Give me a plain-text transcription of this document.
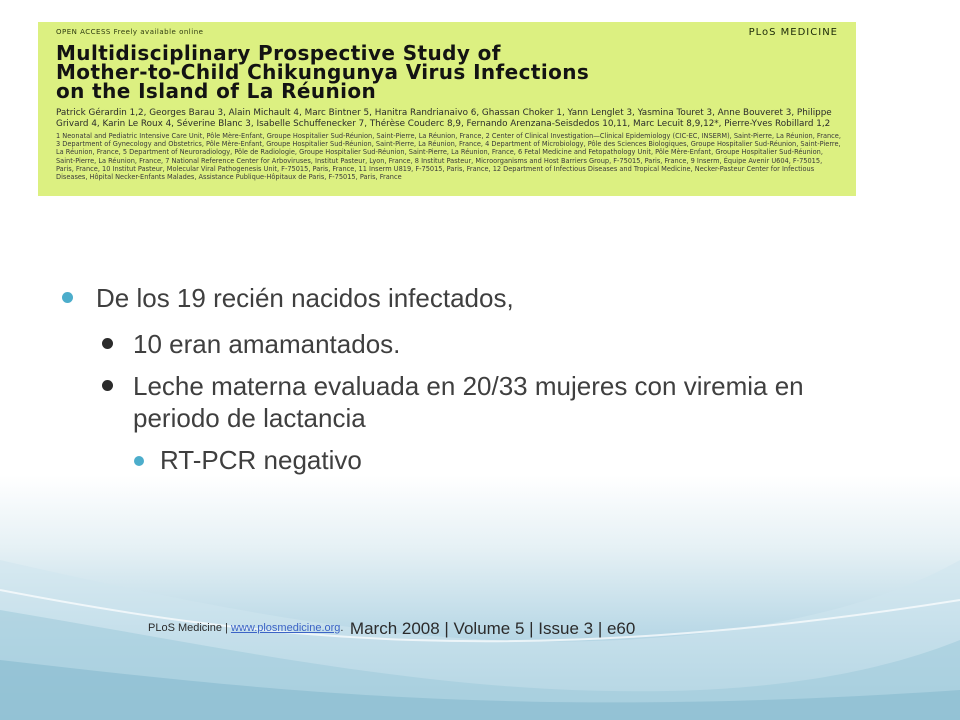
OPEN ACCESS Freely available online	PLoS MEDICINE
Multidisciplinary Prospective Study of
Mother-to-Child Chikungunya Virus Infections
on the Island of La Réunion
Patrick Gérardin 1,2, Georges Barau 3, Alain Michault 4, Marc Bintner 5, Hanitra Randrianaivo 6, Ghassan Choker 1, Yann Lenglet 3, Yasmina Touret 3, Anne Bouveret 3, Philippe Grivard 4, Karin Le Roux 4, Séverine Blanc 3, Isabelle Schuffenecker 7, Thérèse Couderc 8,9, Fernando Arenzana-Seisdedos 10,11, Marc Lecuit 8,9,12*, Pierre-Yves Robillard 1,2
1 Neonatal and Pediatric Intensive Care Unit, Pôle Mère-Enfant, Groupe Hospitalier Sud-Réunion, Saint-Pierre, La Réunion, France, 2 Center of Clinical Investigation—Clinical Epidemiology (CIC-EC, INSERM), Saint-Pierre, La Réunion, France, 3 Department of Gynecology and Obstetrics, Pôle Mère-Enfant, Groupe Hospitalier Sud-Réunion, Saint-Pierre, La Réunion, France, 4 Department of Microbiology, Pôle des Sciences Biologiques, Groupe Hospitalier Sud-Réunion, Saint-Pierre, La Réunion, France, 5 Department of Neuroradiology, Pôle de Radiologie, Groupe Hospitalier Sud-Réunion, Saint-Pierre, La Réunion, France, 6 Fetal Medicine and Fetopathology Unit, Pôle Mère-Enfant, Groupe Hospitalier Sud-Réunion, Saint-Pierre, La Réunion, France, 7 National Reference Center for Arboviruses, Institut Pasteur, Lyon, France, 8 Institut Pasteur, Microorganisms and Host Barriers Group, F-75015, Paris, France, 9 Inserm, Équipe Avenir U604, F-75015, Paris, France, 10 Institut Pasteur, Molecular Viral Pathogenesis Unit, F-75015, Paris, France, 11 Inserm U819, F-75015, Paris, France, 12 Department of Infectious Diseases and Tropical Medicine, Necker-Pasteur Center for Infectious Diseases, Hôpital Necker-Enfants Malades, Assistance Publique-Hôpitaux de Paris, F-75015, Paris, France
De los 19 recién nacidos infectados,
10 eran amamantados.
Leche materna evaluada en 20/33 mujeres con viremia en periodo de lactancia
RT-PCR negativo
PLoS Medicine | www.plosmedicine.org. March 2008 | Volume 5 | Issue 3 | e60
